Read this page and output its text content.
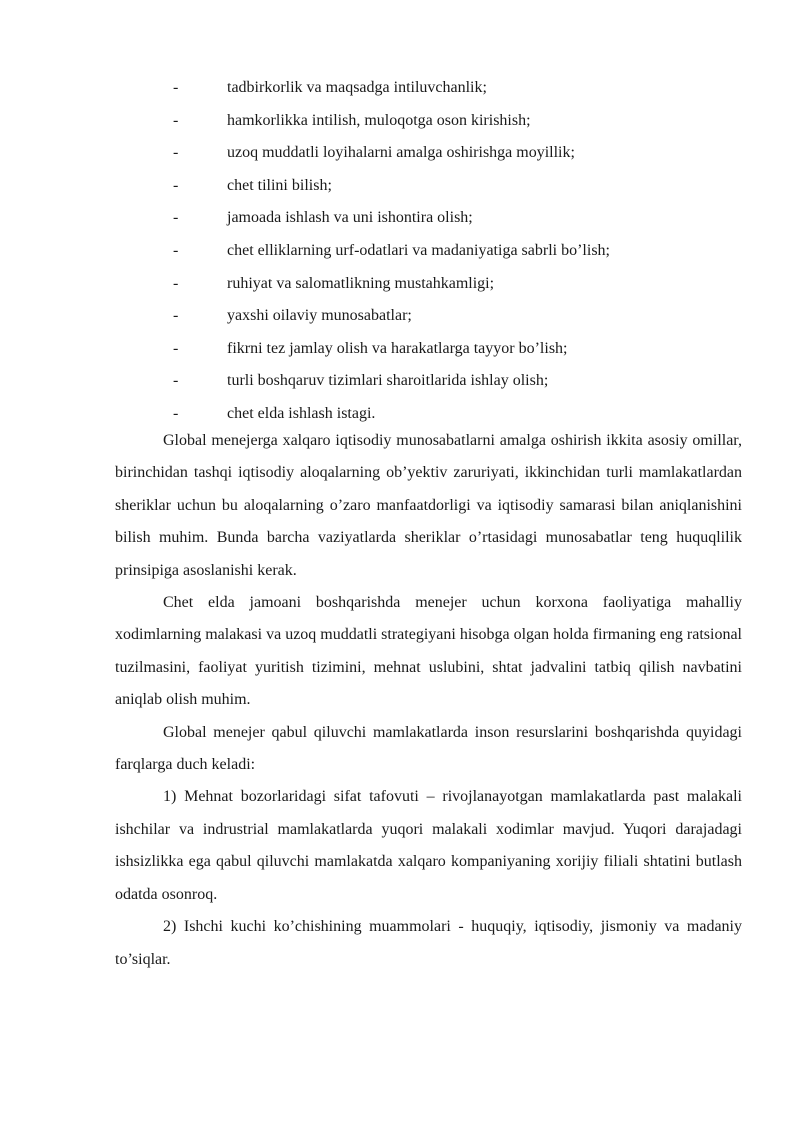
-	tadbirkorlik va maqsadga intiluvchanlik;
-	hamkorlikka intilish, muloqotga oson kirishish;
-	uzoq muddatli loyihalarni amalga oshirishga moyillik;
-	chet tilini bilish;
-	jamoada ishlash va uni ishontira olish;
-	chet elliklarning urf-odatlari va madaniyatiga sabrli bo’lish;
-	ruhiyat va salomatlikning mustahkamligi;
-	yaxshi oilaviy munosabatlar;
-	fikrni tez jamlay olish va harakatlarga tayyor bo’lish;
-	turli boshqaruv tizimlari sharoitlarida ishlay olish;
-	chet elda ishlash istagi.

Global menejerga xalqaro iqtisodiy munosabatlarni amalga oshirish ikkita asosiy omillar, birinchidan tashqi iqtisodiy aloqalarning ob’yektiv zaruriyati, ikkinchidan turli mamlakatlardan sheriklar uchun bu aloqalarning o’zaro manfaatdorligi va iqtisodiy samarasi bilan aniqlanishini bilish muhim. Bunda barcha vaziyatlarda sheriklar o’rtasidagi munosabatlar teng huquqlilik prinsipiga asoslanishi kerak.

Chet elda jamoani boshqarishda menejer uchun korxona faoliyatiga mahalliy xodimlarning malakasi va uzoq muddatli strategiyani hisobga olgan holda firmaning eng ratsional tuzilmasini, faoliyat yuritish tizimini, mehnat uslubini, shtat jadvalini tatbiq qilish navbatini aniqlab olish muhim.

Global menejer qabul qiluvchi mamlakatlarda inson resurslarini boshqarishda quyidagi farqlarga duch keladi:

1) Mehnat bozorlaridagi sifat tafovuti – rivojlanayotgan mamlakatlarda past malakali ishchilar va indrustrial mamlakatlarda yuqori malakali xodimlar mavjud. Yuqori darajadagi ishsizlikka ega qabul qiluvchi mamlakatda xalqaro kompaniyaning xorijiy filiali shtatini butlash odatda osonroq.

2) Ishchi kuchi ko’chishining muammolari - huquqiy, iqtisodiy, jismoniy va madaniy to’siqlar.
